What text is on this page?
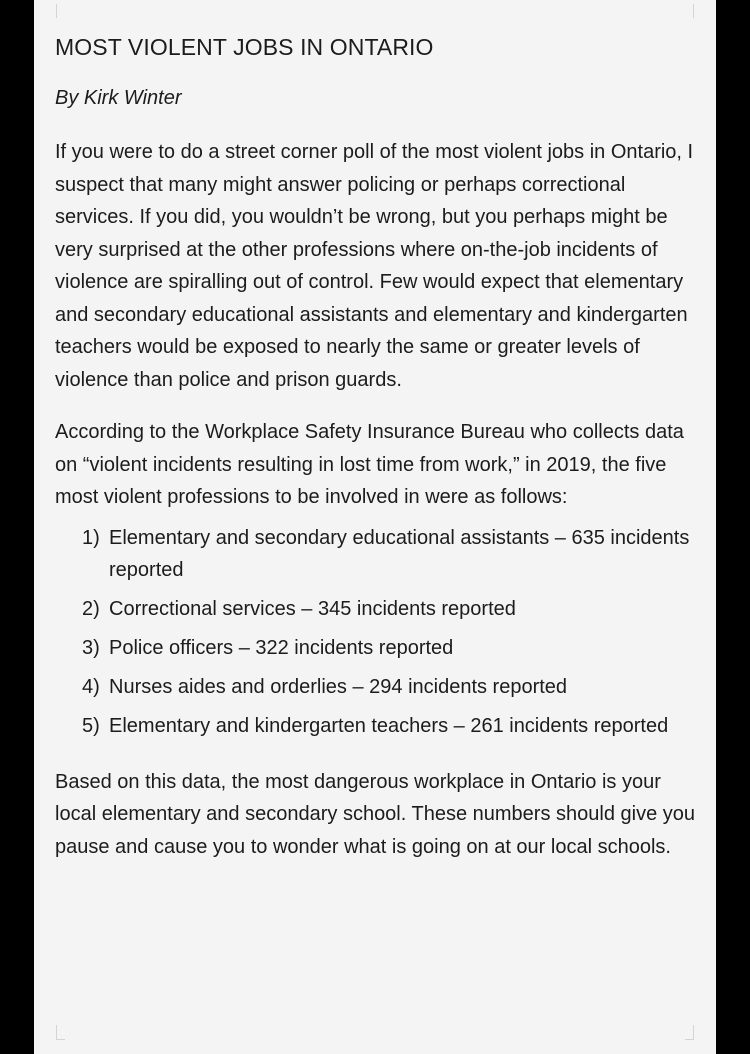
MOST VIOLENT JOBS IN ONTARIO

By Kirk Winter

If you were to do a street corner poll of the most violent jobs in Ontario, I suspect that many might answer policing or perhaps correctional services. If you did, you wouldn’t be wrong, but you perhaps might be very surprised at the other professions where on-the-job incidents of violence are spiralling out of control. Few would expect that elementary and secondary educational assistants and elementary and kindergarten teachers would be exposed to nearly the same or greater levels of violence than police and prison guards.

According to the Workplace Safety Insurance Bureau who collects data on “violent incidents resulting in lost time from work,” in 2019, the five most violent professions to be involved in were as follows:

1) Elementary and secondary educational assistants – 635 incidents reported
2) Correctional services – 345 incidents reported
3) Police officers – 322 incidents reported
4) Nurses aides and orderlies – 294 incidents reported
5) Elementary and kindergarten teachers – 261 incidents reported

Based on this data, the most dangerous workplace in Ontario is your local elementary and secondary school. These numbers should give you pause and cause you to wonder what is going on at our local schools.
